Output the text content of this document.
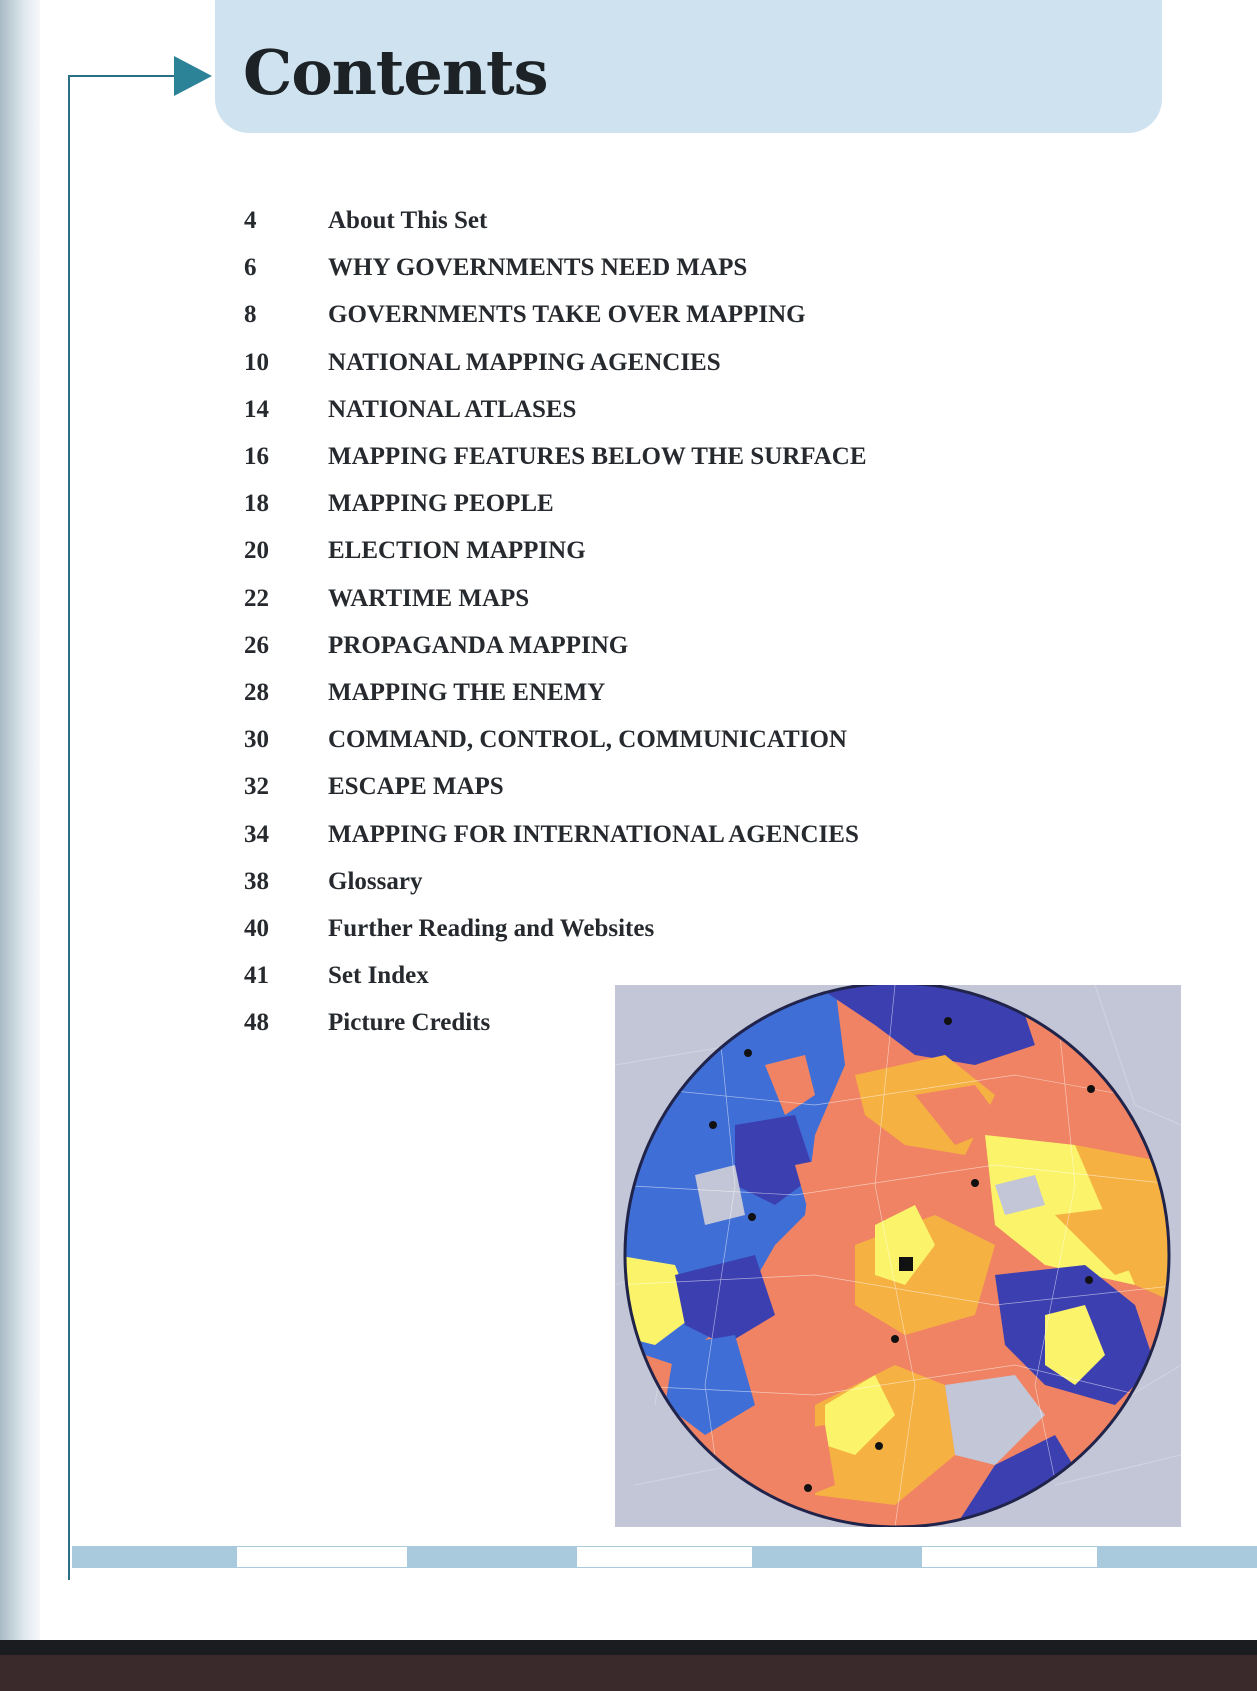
Contents
4	About This Set
6	WHY GOVERNMENTS NEED MAPS
8	GOVERNMENTS TAKE OVER MAPPING
10	NATIONAL MAPPING AGENCIES
14	NATIONAL ATLASES
16	MAPPING FEATURES BELOW THE SURFACE
18	MAPPING PEOPLE
20	ELECTION MAPPING
22	WARTIME MAPS
26	PROPAGANDA MAPPING
28	MAPPING THE ENEMY
30	COMMAND, CONTROL, COMMUNICATION
32	ESCAPE MAPS
34	MAPPING FOR INTERNATIONAL AGENCIES
38	Glossary
40	Further Reading and Websites
41	Set Index
48	Picture Credits
